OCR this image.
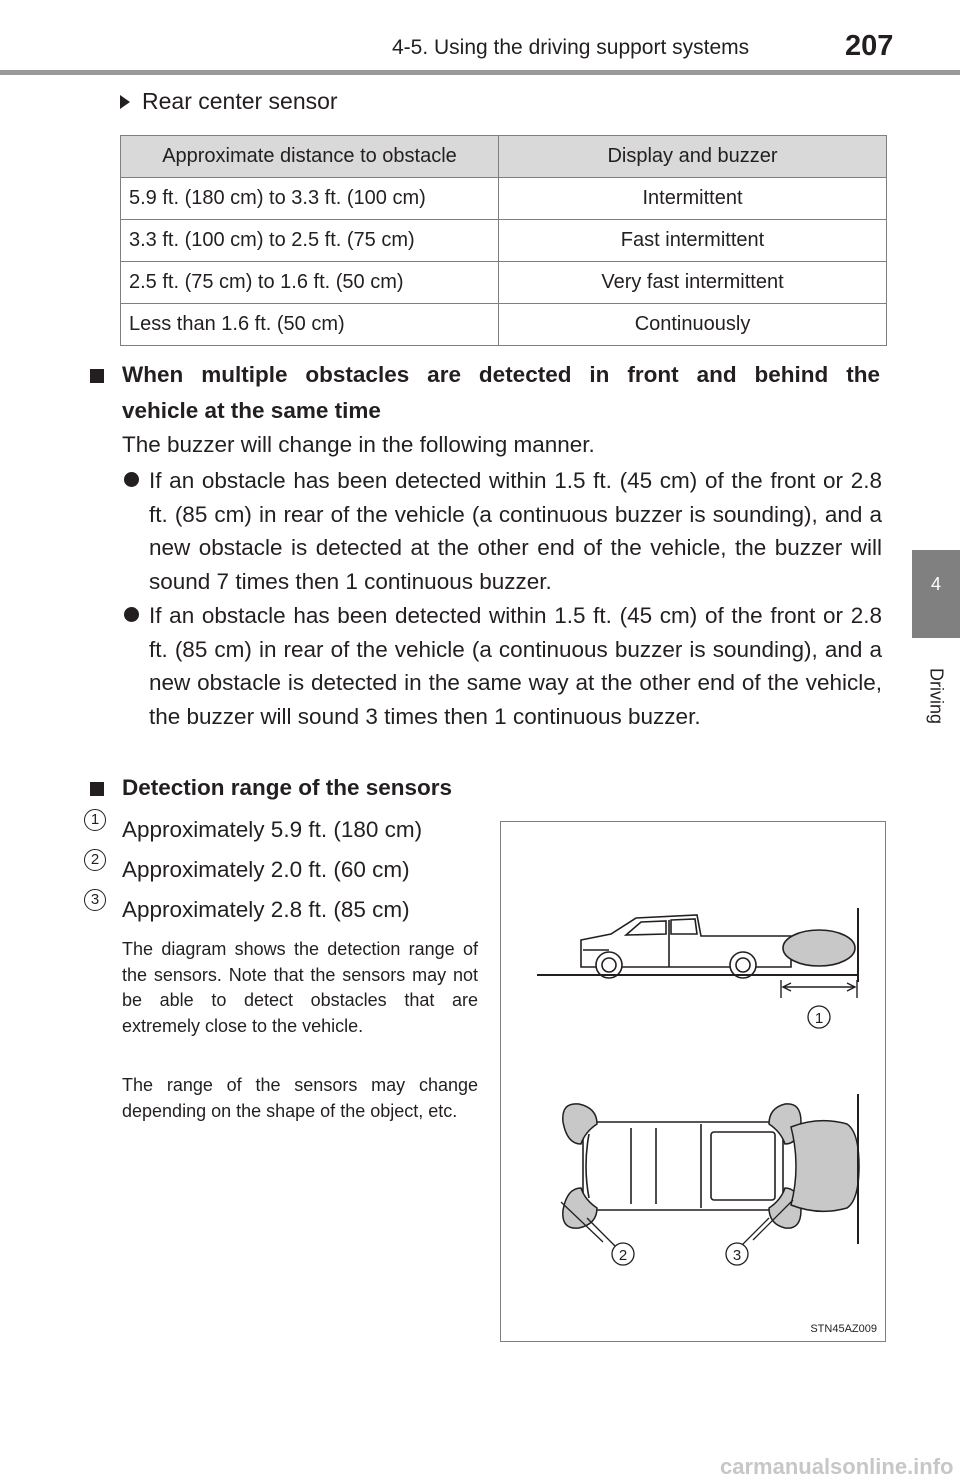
4-5. Using the driving support systems	207
4
Driving
Rear center sensor
Approximate distance to obstacle	Display and buzzer
5.9 ft. (180 cm) to 3.3 ft. (100 cm)	Intermittent
3.3 ft. (100 cm) to 2.5 ft. (75 cm)	Fast intermittent
2.5 ft. (75 cm) to 1.6 ft. (50 cm)	Very fast intermittent
Less than 1.6 ft. (50 cm)	Continuously
When multiple obstacles are detected in front and behind the
vehicle at the same time
The buzzer will change in the following manner.
If an obstacle has been detected within 1.5 ft. (45 cm) of the front or 2.8 ft. (85 cm) in rear of the vehicle (a continuous buzzer is sounding), and a new obstacle is detected at the other end of the vehicle, the buzzer will sound 7 times then 1 continuous buzzer.
If an obstacle has been detected within 1.5 ft. (45 cm) of the front or 2.8 ft. (85 cm) in rear of the vehicle (a continuous buzzer is sounding), and a new obstacle is detected in the same way at the other end of the vehicle, the buzzer will sound 3 times then 1 continuous buzzer.
Detection range of the sensors
1	Approximately 5.9 ft. (180 cm)
2	Approximately 2.0 ft. (60 cm)
3	Approximately 2.8 ft. (85 cm)
The diagram shows the detection range of the sensors. Note that the sensors may not be able to detect obstacles that are extremely close to the vehicle.
The range of the sensors may change depending on the shape of the object, etc.
1
2	3
STN45AZ009
carmanualsonline.info
